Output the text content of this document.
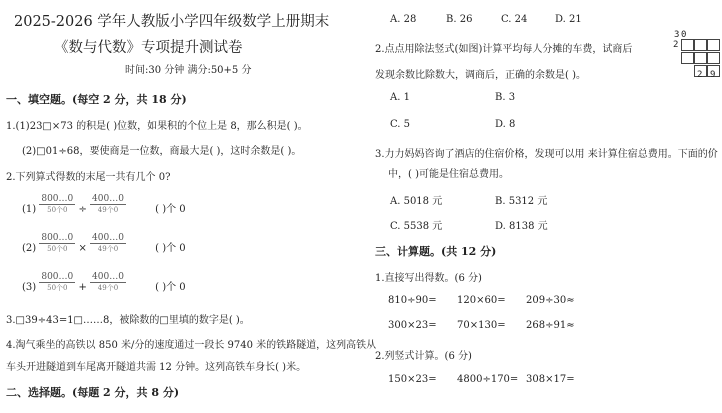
2025-2026 学年人教版小学四年级数学上册期末
《数与代数》专项提升测试卷
时间:30 分钟 满分:50+5 分
一、填空题。(每空 2 分，共 18 分)
1.(1)23□×73 的积是( )位数，如果积的个位上是 8，那么积是( )。
(2)□01÷68，要使商是一位数，商最大是( )，这时余数是( )。
2.下列算式得数的末尾一共有几个 0?
(1)
800…0
50个0	÷
400…0
49个0	( )个 0
(2)
800…0
50个0	×
400…0
49个0	( )个 0
(3)
800…0
50个0	+
400…0
49个0	( )个 0
3.□39÷43=1□……8，被除数的□里填的数字是( )。
4.淘气乘坐的高铁以 850 米/分的速度通过一段长 9740 米的铁路隧道，这列高铁从
车头开进隧道到车尾离开隧道共需 12 分钟。这列高铁车身长( )米。
二、选择题。(每题 2 分，共 8 分)
A. 28	B. 26	C. 24	D. 21
2.点点用除法竖式(如图)计算平均每人分摊的车费，试商后
发现余数比除数大，调商后，正确的余数是( )。
3 0
2
2 9
A. 1	B. 3
C. 5	D. 8
3.力力妈妈咨询了酒店的住宿价格，发现可以用 来计算住宿总费用。下面的价
中，( )可能是住宿总费用。
A. 5018 元	B. 5312 元
C. 5538 元	D. 8138 元
三、计算题。(共 12 分)
1.直接写出得数。(6 分)
810÷90= 120×60= 209÷30≈
300×23= 70×130= 268÷91≈
2.列竖式计算。(6 分)
150×23= 4800÷170= 308×17=
